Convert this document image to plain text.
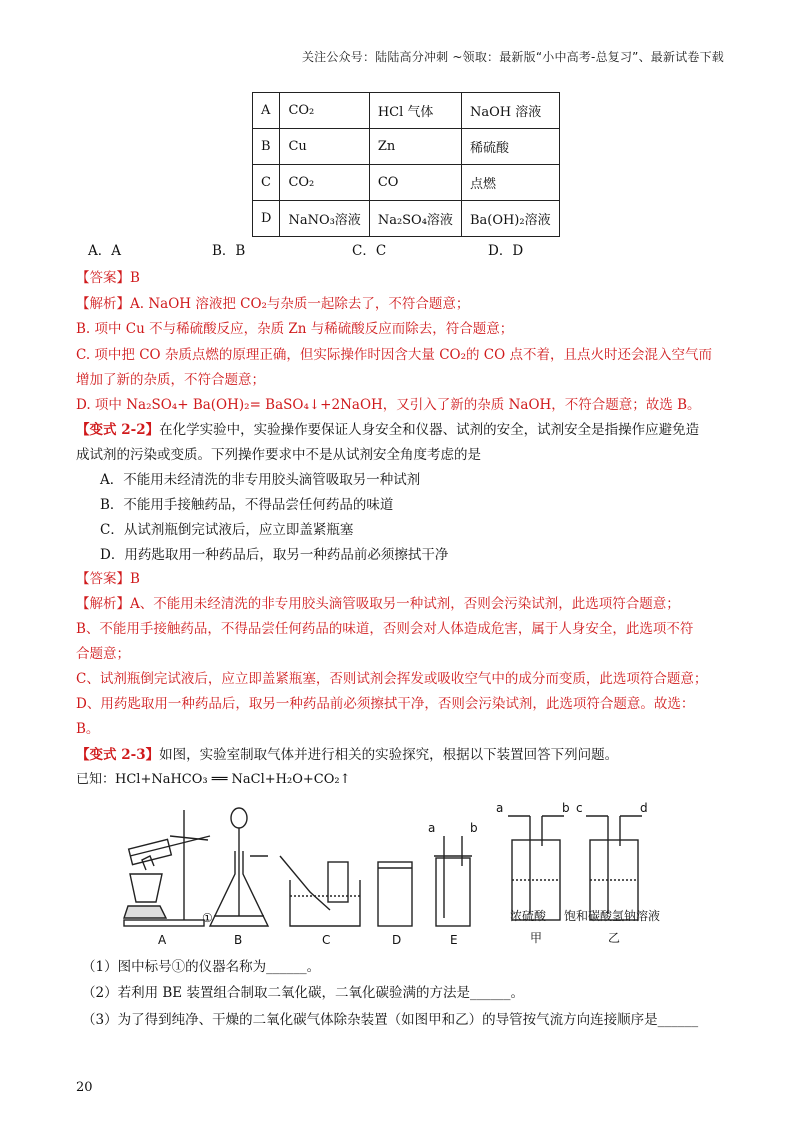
关注公众号：陆陆高分冲刺 ~领取：最新版“小中高考-总复习”、最新试卷下载
A	CO₂	HCl 气体	NaOH 溶液
B	Cu	Zn	稀硫酸
C	CO₂	CO	点燃
D	NaNO₃溶液	Na₂SO₄溶液	Ba(OH)₂溶液
A．A	B．B	C．C	D．D
【答案】B
【解析】A. NaOH 溶液把 CO₂与杂质一起除去了，不符合题意；
B. 项中 Cu 不与稀硫酸反应，杂质 Zn 与稀硫酸反应而除去，符合题意；
C. 项中把 CO 杂质点燃的原理正确，但实际操作时因含大量 CO₂的 CO 点不着，且点火时还会混入空气而
增加了新的杂质，不符合题意；
D. 项中 Na₂SO₄+ Ba(OH)₂= BaSO₄↓+2NaOH，又引入了新的杂质 NaOH，不符合题意；故选 B。
【变式 2-2】在化学实验中，实验操作要保证人身安全和仪器、试剂的安全，试剂安全是指操作应避免造
成试剂的污染或变质。下列操作要求中不是从试剂安全角度考虑的是
A．不能用未经清洗的非专用胶头滴管吸取另一种试剂
B．不能用手接触药品，不得品尝任何药品的味道
C．从试剂瓶倒完试液后，应立即盖紧瓶塞
D．用药匙取用一种药品后，取另一种药品前必须擦拭干净
【答案】B
【解析】A、不能用未经清洗的非专用胶头滴管吸取另一种试剂，否则会污染试剂，此选项符合题意；
B、不能用手接触药品，不得品尝任何药品的味道，否则会对人体造成危害，属于人身安全，此选项不符
合题意；
C、试剂瓶倒完试液后，应立即盖紧瓶塞，否则试剂会挥发或吸收空气中的成分而变质，此选项符合题意；
D、用药匙取用一种药品后，取另一种药品前必须擦拭干净，否则会污染试剂，此选项符合题意。故选：
B。
【变式 2-3】如图，实验室制取气体并进行相关的实验探究，根据以下装置回答下列问题。
已知：HCl+NaHCO₃ ══ NaCl+H₂O+CO₂↑
A	B	C	D	E
①
a	b
a	b c	d
浓硫酸
甲
饱和碳酸氢钠溶液
乙
（1）图中标号①的仪器名称为______。
（2）若利用 BE 装置组合制取二氧化碳，二氧化碳验满的方法是______。
（3）为了得到纯净、干燥的二氧化碳气体除杂装置（如图甲和乙）的导管按气流方向连接顺序是______
20
